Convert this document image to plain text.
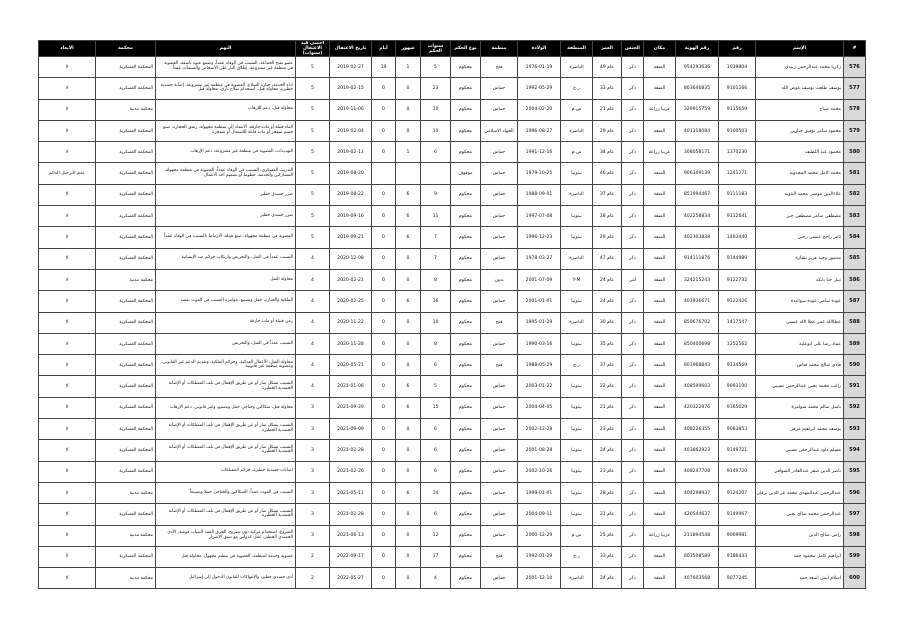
#	الإسم	رقم	رقم الهوية	مكان	الجنس	العمر	المنطقة	الولادة	منظمة	نوع الحكم	سنوات الحكم	شهور	أيام	تاريخ الاعتقال	احصى قيد الاعتقال (سنوات)	التهم	محكمة	الابعاد
576	زكريا محمد عبدالرحمن زبيدي	1039804	954293636	الضفة	ذكر	عام 49	الناصرة	1976-01-19	فتح	محكوم	5	1	19	2019-02-27	5	عضو بفتح الجماعة، التسبب في الوفاة عمداً، وضمع عبوة ناسفة، العضوية في منظمة غير مشروعة، إطلاق النار على الأشخاص والمنشآت عمداً	المحكمة العسكرية	لا
577	يوسف طلعت يوسف عوض الله	9101266	803646835	الضفة	ذكر	عام 33	ر.ج	1992-05-29	حماس	محكوم	23	0	0	2019-02-15	5	اداء الخدمة، حيازة السلاح، العضوية في منظمة غير مشروعة، إصابة جسدية خطيرة، محاولة قتل، استخدام سلاح ناري، محاولة قتل	المحكمة العسكرية	لا
578	محمد صباح	9115659	329915759	عربيا زراعة	ذكر	عام 21	ص.م	2004-02-20	حماس	محكوم	10	0	0	2019-11-06	5	محاولة قتل، دعم للإرهاب	محكمة مدنية	لا
579	محمود سامر توفيق جبارين	9100503	401318084	الضفة	ذكر	عام 29	الناصرة	1996-08-27	الجهاد الاسلامي	محكوم	10	0	0	2019-02-04	5	القاء قنبلة أو مادة حارقة، الانتماء إلى منظمة مجهولة، رشق الحجارة، صنع جسم متفجر أو مادة قابلة للاشتعال أو متفجرة	المحكمة العسكرية	لا
580	محمود عبد اللطيف	1370230	308058171	عربيا زراعة	ذكر	عام 34	ص.م	1991-12-16	حماس	محكوم	6	1	0	2019-02-11	5	التهديدات، العضوية في منظمة غير مشروعة، دعم الإرهاب	المحكمة العسكرية	لا
581	محمد كامل محمد المجذوبة	1241271	906349139	الضفة	ذكر	عام 46	بيتونيا	1979-10-25	حماس	موقوف				2019-08-20	5	التدريب العسكري، التسبب في الوفاة عمداً، العضوية في منظمة مجهولة، المشاركين والخدمة، خطوط أو تصميم احد الاعمال	المحكمة العسكرية	عدم الترحيل الدائم
582	علاءالدين موسى محمد النتوبه	9111183	851994467	الضفة	ذكر	عام 37	الناصرة	1988-09-01	حماس	محكوم	9	6	0	2019-08-22	5	ضرر جسدي خطير	المحكمة العسكرية	لا
583	مصطفى سامر مصطفى جبر	9112641	402258834	الضفة	ذكر	عام 28	بيتونيا	1997-07-08	حماس	محكوم	11	6	0	2019-09-16	5	ضرر جسدي خطير	المحكمة العسكرية	لا
584	ثامر راجح عيسى رجبي	1493440	402303838	الضفة	ذكر	عام 29	بيتونيا	1996-12-23	حماس	محكوم	7	6	0	2019-09-21	5	العضوية في منظمة مجهولة، صنع قنبلة، الارتباط بالتسبب في الوفاة عمداً	المحكمة العسكرية	لا
585	منصور وجيه فريز بشارة	9144989	914111876	الضفة	ذكر	عام 47	الناصرة	1978-03-27	حماس	محكوم	7	0	0	2020-12-08	4	التسبب عمداً في القتل، والتحريض وارتكاب جرائم ضد الإنسانية	المحكمة العسكرية	لا
586	نبيل حنا بابكه	9122732	324215243	الضفة	أنثى	عام 24	Y-M	2001-07-09	بدون	محكوم	8	0	0	2020-02-21	4	محاولة القتل	محكمة مدنية	لا
587	عودة سامي عودة سواعدة	9122426	403936671	الضفة	ذكر	عام 24	بيتونيا	2001-01-01	حماس	محكوم	16	6	0	2020-02-25	4	الملكية والحيازة، حمل وتصنيع، مؤامرة التسبب في الموت بقصد	المحكمة العسكرية	لا
588	عطاالله عمر عطا الله عيسى	1417547	859676702	الضفة	ذكر	عام 30	الناصرة	1995-01-29	فتح	محكوم	10	0	0	2020-11-22	4	رمي قنبلة أو مادة حارقة	المحكمة العسكرية	لا
589	عماد رضا علي ابوعلية	1252562	850400698	الضفة	ذكر	عام 35	بيتونيا	1990-03-16	حماس	محكوم	8	0	0	2020-11-28	4	التسبب عمداً في القتل، والتحريض	المحكمة العسكرية	لا
590	فادي صالح محمد قناص	9134569	801968843	الضفة	ذكر	عام 37	ر.ج	1988-05-29	فتح	محكوم	6	0	0	2020-05-21	4	محاولة القتل، الأعمال العدائية، وجرائم الملكية، وتقديم الدعم غير القانوني، وعضوية منظمة غير قانونية	المحكمة العسكرية	لا
591	راغب محمد يحيى عبدالرحمن نسيبي	9093100	408599603	الضفة	ذكر	عام 22	بيتونيا	2003-01-22	حماس	محكوم	5	6	0	2021-01-06	4	التسبب بشكل ضار أو عن طريق الإهمال في تلف الممتلكات أو الإصابة الجسدية الخطيرة	المحكمة العسكرية	لا
592	باسل سالم محمد شوامرة	9165029	420322976	الضفة	ذكر	عام 21	بيتونيا	2004-04-05	حماس	محكوم	15	6	0	2021-09-29	3	محاولة قتل، سكاكين وخناجر، حمل وتصنيع، وغير قانوني، دعم الإرهاب	المحكمة العسكرية	لا
593	يوسف محمد ابراهيم مزهر	9083853	408226355	الضفة	ذكر	عام 23	بيتونيا	2002-12-28	حماس	محكوم	6	0	0	2021-09-09	3	التسبب بشكل ضار أو عن طريق الإهمال في تلف الممتلكات أو الإصابة الجسدية الخطيرة	المحكمة العسكرية	لا
594	مسلم داود عبدالرحمن نسيبي	9149721	403862923	الضفة	ذكر	عام 24	بيتونيا	2001-08-28	حماس	محكوم	6	0	0	2021-02-28	3	التسبب بشكل ضار أو عن طريق الإهمال في تلف الممتلكات أو الإصابة الجسدية الخطيرة	المحكمة العسكرية	لا
595	ناصر الدين صقر عبدالقادر الصوافي	9149720	408247708	الضفة	ذكر	عام 23	بيتونيا	2002-10-26	حماس	محكوم	6	0	0	2021-02-26	3	اصابات جسدية خطيرة، جرائم الممتلكات	المحكمة العسكرية	لا
596	عبدالرحمن عبدالمهدي محمد عز الدين برقان	9124207	404298937	الضفة	ذكر	عام 28	بيتونيا	1999-01-01	حماس	محكوم	14	6	0	2021-05-11	3	التسبب في الموت عمداً، السكاكين والخناجر، حملا وتصنيعاً	محكمة مدنية	لا
597	عبدالرحمن محمد صالح يحيى	9149967	420544637	الضفة	ذكر	عام 21	بيتونيا	2004-09-11	حماس	محكوم	6	0	0	2021-02-28	3	التسبب بشكل ضار أو عن طريق الإهمال في تلف الممتلكات أو الإصابة الجسدية الخطيرة	المحكمة العسكرية	لا
598	رامي صالح الدين	9069981	211894548	عربيا زراعة	ذكر	عام 25	ص.م	2000-12-29	حماس	محكوم	12	0	0	2021-06-13	3	الشروع، استخدام مركبة دون تصريح، الحرق العمد لأسباب قومية، الأذى الجسدي الخطير، عمل عدواني مع سبق الإصرار	محكمة مدنية	لا
599	ابراهيم كامل محمود حمد	9186433	803508589	الضفة	ذكر	عام 33	ر.ج	1992-01-29	فتح	محكوم	17	0	0	2022-09-17	2	عضوية وخدمة لمنظمة، العضوية في تنظيم مجهول، محاولة قتل	المحكمة العسكرية	لا
600	اسلام ايمن اسعد حمد	9077245	407603568	الضفة	ذكر	عام 24	الناصرة	2001-12-10	حماس	محكوم	4	0	0	2022-05-27	2	أذى جسدي خطير، والانتهاكات للقانون الدخول إلى إسرائيل	محكمة مدنية	لا
